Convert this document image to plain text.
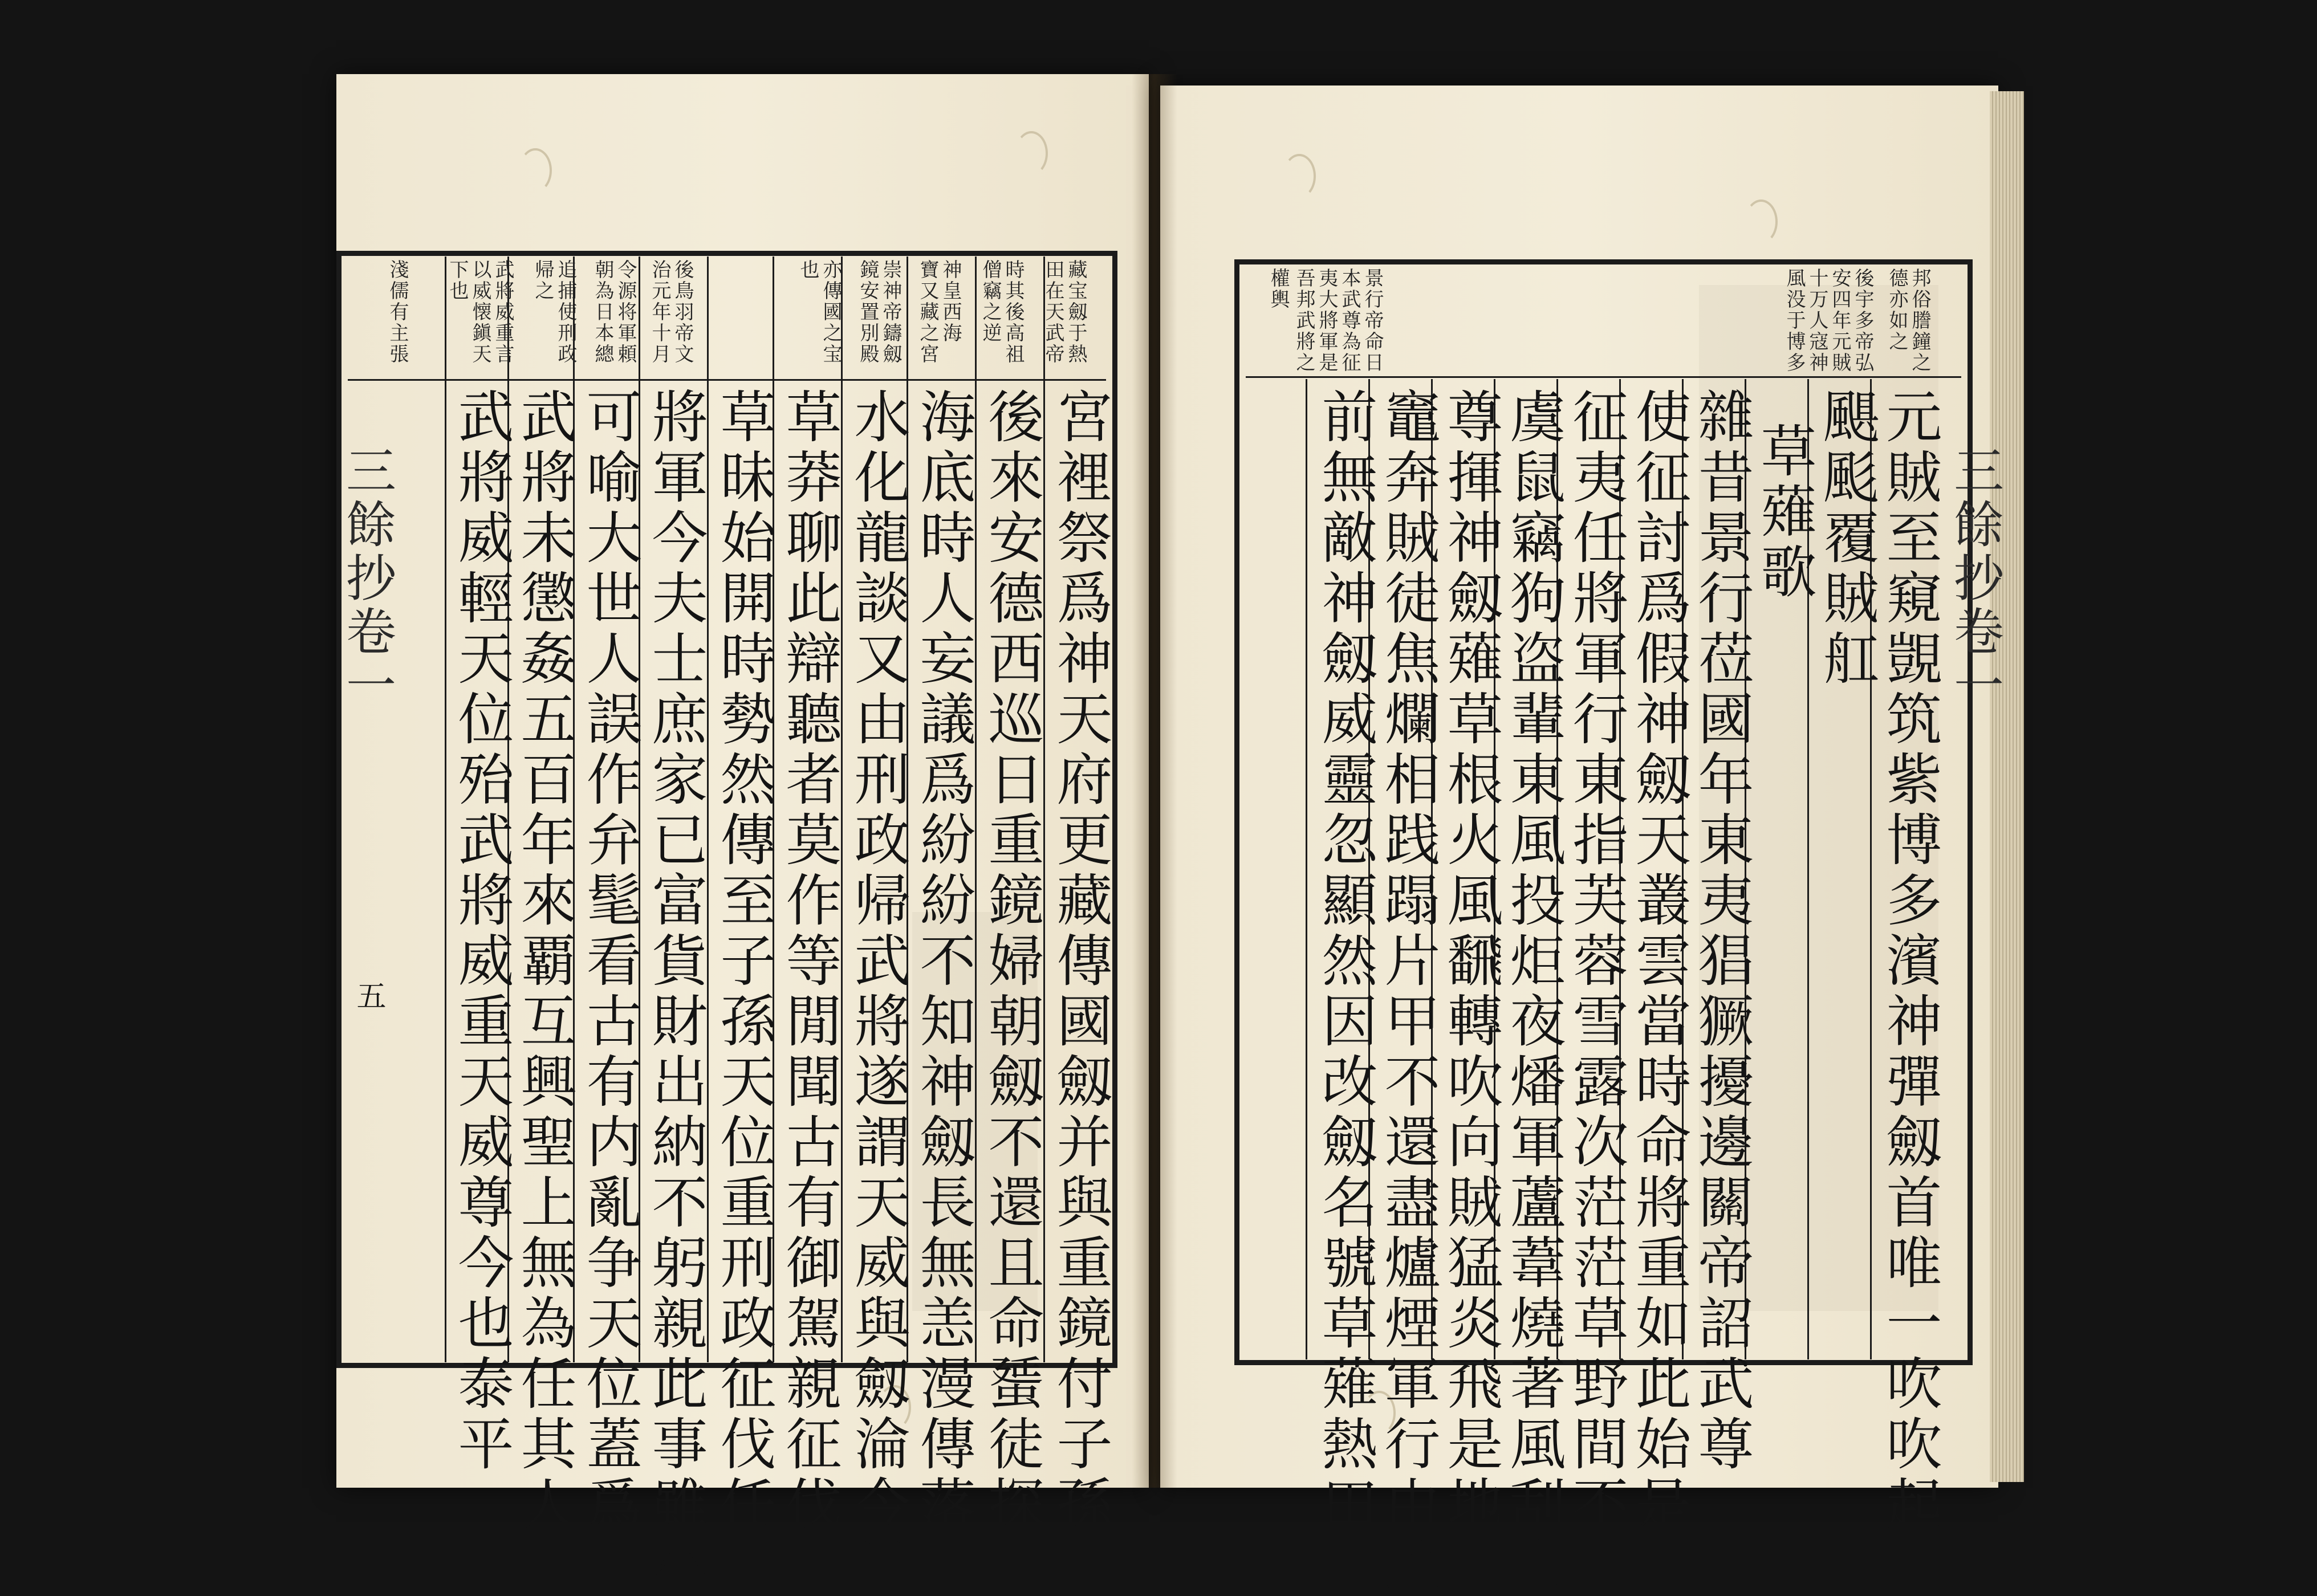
三餘抄卷一
五	宮裡祭爲神天府更藏傳國劔并與重鏡付子孫
後來安德西巡日重鏡婦朝劔不還且命蜑徒探
海底時人妄議爲紛紛不知神劔長無恙漫傳落
水化龍談又由刑政帰武將遂謂天威與劔淪今日
草莽聊此辯聽者莫作等閒聞古有御駕親征伐
草昧始開時勢然傳至子孫天位重刑政征伐任
將軍今夫士庶家已富貨財出納不躬親此事雖小
可喻大世人誤作弁髦看古有内亂争天位蓋爲
武將未懲姦五百年來覇互興聖上無為任其人
武將威輕天位殆武將威重天威尊今也泰平
藏宝劔于熱
田在天武帝
時其後高祖
僧竊之逆
神皇西海
寶又藏之宮
崇神帝鑄劔
鏡安置別殿
亦傳國之宝
也
後鳥羽帝文
治元年十月
令源将軍頼
朝為日本總
追捕使刑政
帰之
武將威重言
以威懐鎭天
下也
淺儒有主張
三餘抄卷一
元賊至窺覬筑紫博多濱神彈劔首唯一吹吹起
颶颩覆賊舡
草薙歌
雜昔景行莅國年東夷猖獗擾邊關帝詔武尊
使征討爲假神劔天叢雲當時命將重如此始是
征夷任將軍行東指芙蓉雪露次茫茫草野間不
虞鼠竊狗盗輩東風投炬夜燔軍蘆葦燒著風刮刮
尊揮神劔薙草根火風飜轉吹向賊猛炎飛是地
竈奔賊徒焦爛相践蹋片甲不還盡爐煙軍行由此
前無敵神劔威靈忽顯然因改劔名號草薙熱田
邦俗謄鐘之
德亦如之
後宇多帝弘
安四年元賊
十万人寇神
風没于博多
景行帝命日
本武尊為征
夷大將軍是
吾邦武將之
權輿
